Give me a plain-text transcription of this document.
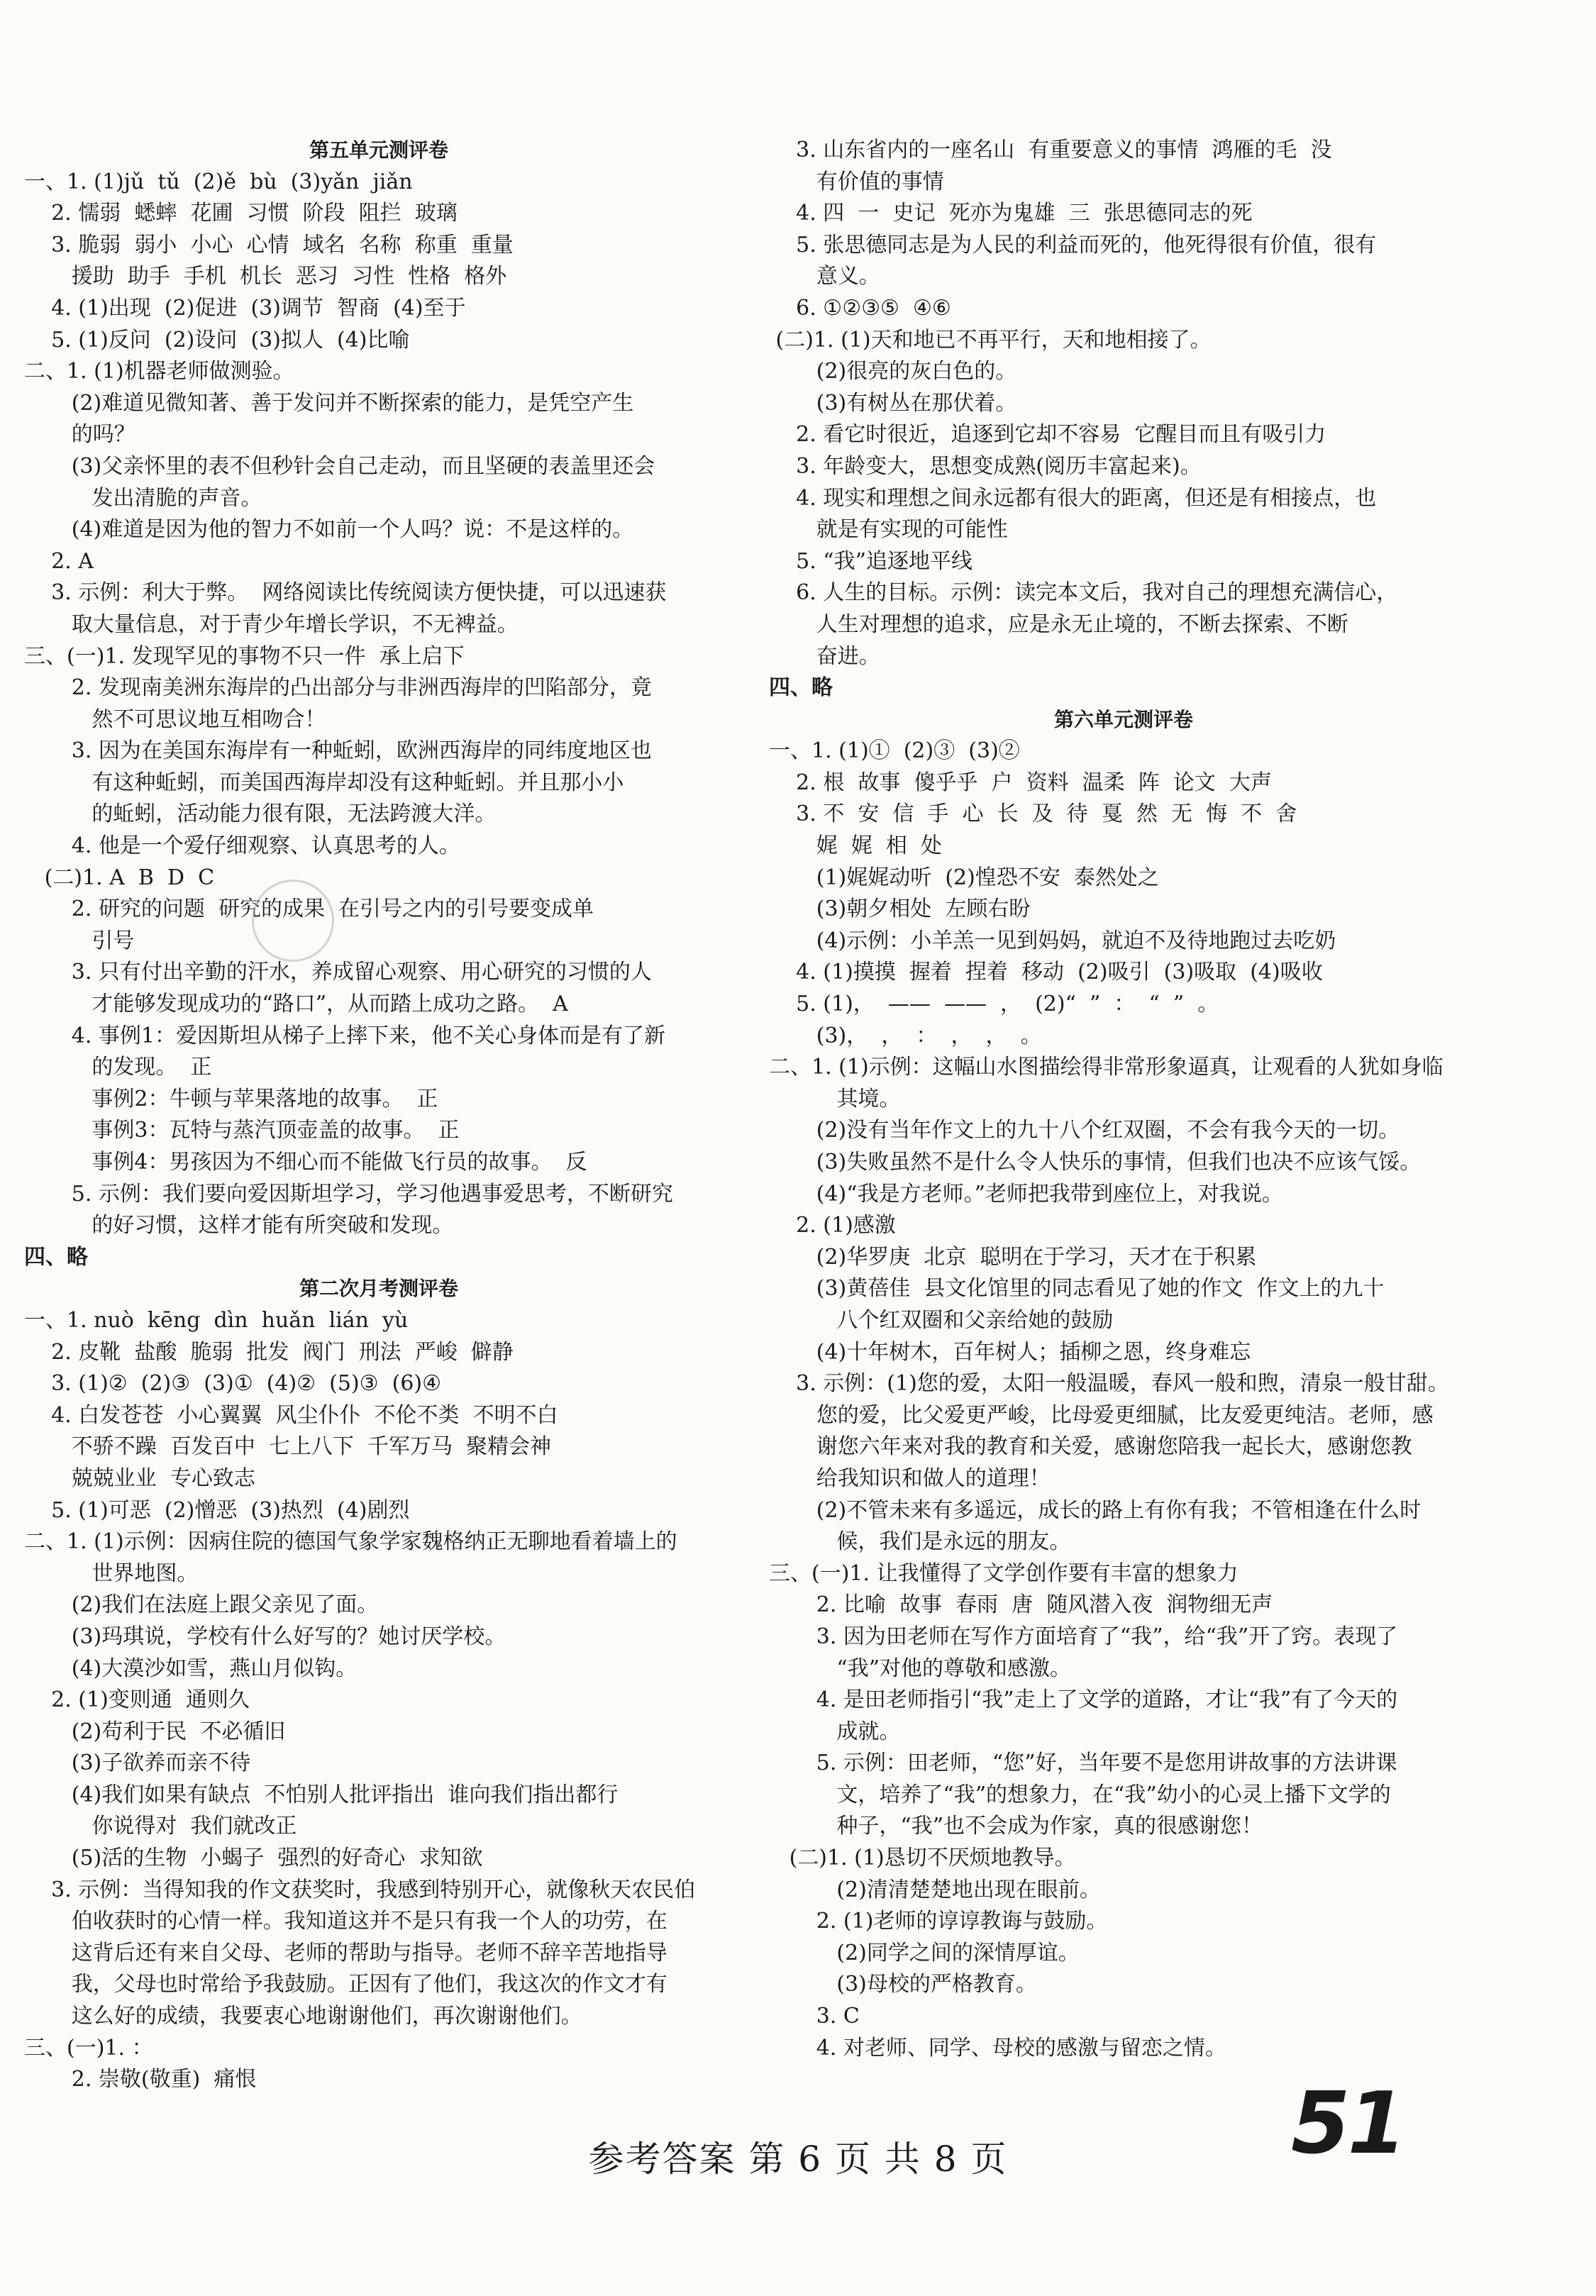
第五单元测评卷
一、1. (1)jǔ  tǔ  (2)ě  bù  (3)yǎn  jiǎn
2. 懦弱  蟋蟀  花圃  习惯  阶段  阻拦  玻璃
3. 脆弱  弱小  小心  心情  域名  名称  称重  重量
援助  助手  手机  机长  恶习  习性  性格  格外
4. (1)出现  (2)促进  (3)调节  智商  (4)至于
5. (1)反问  (2)设问  (3)拟人  (4)比喻
二、1. (1)机器老师做测验。
(2)难道见微知著、善于发问并不断探索的能力，是凭空产生
的吗？
(3)父亲怀里的表不但秒针会自己走动，而且坚硬的表盖里还会
发出清脆的声音。
(4)难道是因为他的智力不如前一个人吗？说：不是这样的。
2. A
3. 示例：利大于弊。  网络阅读比传统阅读方便快捷，可以迅速获
取大量信息，对于青少年增长学识，不无裨益。
三、(一)1. 发现罕见的事物不只一件  承上启下
2. 发现南美洲东海岸的凸出部分与非洲西海岸的凹陷部分，竟
然不可思议地互相吻合！
3. 因为在美国东海岸有一种蚯蚓，欧洲西海岸的同纬度地区也
有这种蚯蚓，而美国西海岸却没有这种蚯蚓。并且那小小
的蚯蚓，活动能力很有限，无法跨渡大洋。
4. 他是一个爱仔细观察、认真思考的人。
(二)1. A  B  D  C
2. 研究的问题  研究的成果  在引号之内的引号要变成单
引号
3. 只有付出辛勤的汗水，养成留心观察、用心研究的习惯的人
才能够发现成功的“路口”，从而踏上成功之路。  A
4. 事例1：爱因斯坦从梯子上摔下来，他不关心身体而是有了新
的发现。  正
事例2：牛顿与苹果落地的故事。  正
事例3：瓦特与蒸汽顶壶盖的故事。  正
事例4：男孩因为不细心而不能做飞行员的故事。  反
5. 示例：我们要向爱因斯坦学习，学习他遇事爱思考，不断研究
的好习惯，这样才能有所突破和发现。
四、略
第二次月考测评卷
一、1. nuò  kēng  dìn  huǎn  lián  yù
2. 皮靴  盐酸  脆弱  批发  阀门  刑法  严峻  僻静
3. (1)②  (2)③  (3)①  (4)②  (5)③  (6)④
4. 白发苍苍  小心翼翼  风尘仆仆  不伦不类  不明不白
不骄不躁  百发百中  七上八下  千军万马  聚精会神
兢兢业业  专心致志
5. (1)可恶  (2)憎恶  (3)热烈  (4)剧烈
二、1. (1)示例：因病住院的德国气象学家魏格纳正无聊地看着墙上的
世界地图。
(2)我们在法庭上跟父亲见了面。
(3)玛琪说，学校有什么好写的？她讨厌学校。
(4)大漠沙如雪，燕山月似钩。
2. (1)变则通  通则久
(2)苟利于民  不必循旧
(3)子欲养而亲不待
(4)我们如果有缺点  不怕别人批评指出  谁向我们指出都行
你说得对  我们就改正
(5)活的生物  小蝎子  强烈的好奇心  求知欲
3. 示例：当得知我的作文获奖时，我感到特别开心，就像秋天农民伯
伯收获时的心情一样。我知道这并不是只有我一个人的功劳，在
这背后还有来自父母、老师的帮助与指导。老师不辞辛苦地指导
我，父母也时常给予我鼓励。正因有了他们，我这次的作文才有
这么好的成绩，我要衷心地谢谢他们，再次谢谢他们。
三、(一)1. ：
2. 崇敬(敬重)  痛恨
3. 山东省内的一座名山  有重要意义的事情  鸿雁的毛  没
有价值的事情
4. 四  一  史记  死亦为鬼雄  三  张思德同志的死
5. 张思德同志是为人民的利益而死的，他死得很有价值，很有
意义。
6. ①②③⑤  ④⑥
(二)1. (1)天和地已不再平行，天和地相接了。
(2)很亮的灰白色的。
(3)有树丛在那伏着。
2. 看它时很近，追逐到它却不容易  它醒目而且有吸引力
3. 年龄变大，思想变成熟(阅历丰富起来)。
4. 现实和理想之间永远都有很大的距离，但还是有相接点，也
就是有实现的可能性
5. “我”追逐地平线
6. 人生的目标。示例：读完本文后，我对自己的理想充满信心，
人生对理想的追求，应是永无止境的，不断去探索、不断
奋进。
四、略
第六单元测评卷
一、1. (1)①  (2)③  (3)②
2. 根  故事  傻乎乎  户  资料  温柔  阵  论文  大声
3. 不  安  信  手  心  长  及  待  戛  然  无  悔  不  舍
娓  娓  相  处
(1)娓娓动听  (2)惶恐不安  泰然处之
(3)朝夕相处  左顾右盼
(4)示例：小羊羔一见到妈妈，就迫不及待地跑过去吃奶
4. (1)摸摸  握着  捏着  移动  (2)吸引  (3)吸取  (4)吸收
5. (1)，  ——  ——  ，  (2)“  ”  ：  “  ”  。
(3)，  ，  ：  ，  ，  。
二、1. (1)示例：这幅山水图描绘得非常形象逼真，让观看的人犹如身临
其境。
(2)没有当年作文上的九十八个红双圈，不会有我今天的一切。
(3)失败虽然不是什么令人快乐的事情，但我们也决不应该气馁。
(4)“我是方老师。”老师把我带到座位上，对我说。
2. (1)感激
(2)华罗庚  北京  聪明在于学习，天才在于积累
(3)黄蓓佳  县文化馆里的同志看见了她的作文  作文上的九十
八个红双圈和父亲给她的鼓励
(4)十年树木，百年树人；插柳之恩，终身难忘
3. 示例：(1)您的爱，太阳一般温暖，春风一般和煦，清泉一般甘甜。
您的爱，比父爱更严峻，比母爱更细腻，比友爱更纯洁。老师，感
谢您六年来对我的教育和关爱，感谢您陪我一起长大，感谢您教
给我知识和做人的道理！
(2)不管未来有多遥远，成长的路上有你有我；不管相逢在什么时
候，我们是永远的朋友。
三、(一)1. 让我懂得了文学创作要有丰富的想象力
2. 比喻  故事  春雨  唐  随风潜入夜  润物细无声
3. 因为田老师在写作方面培育了“我”，给“我”开了窍。表现了
“我”对他的尊敬和感激。
4. 是田老师指引“我”走上了文学的道路，才让“我”有了今天的
成就。
5. 示例：田老师，“您”好，当年要不是您用讲故事的方法讲课
文，培养了“我”的想象力，在“我”幼小的心灵上播下文学的
种子，“我”也不会成为作家，真的很感谢您！
(二)1. (1)恳切不厌烦地教导。
(2)清清楚楚地出现在眼前。
2. (1)老师的谆谆教诲与鼓励。
(2)同学之间的深情厚谊。
(3)母校的严格教育。
3. C
4. 对老师、同学、母校的感激与留恋之情。
参考答案 第 6 页 共 8 页	51
